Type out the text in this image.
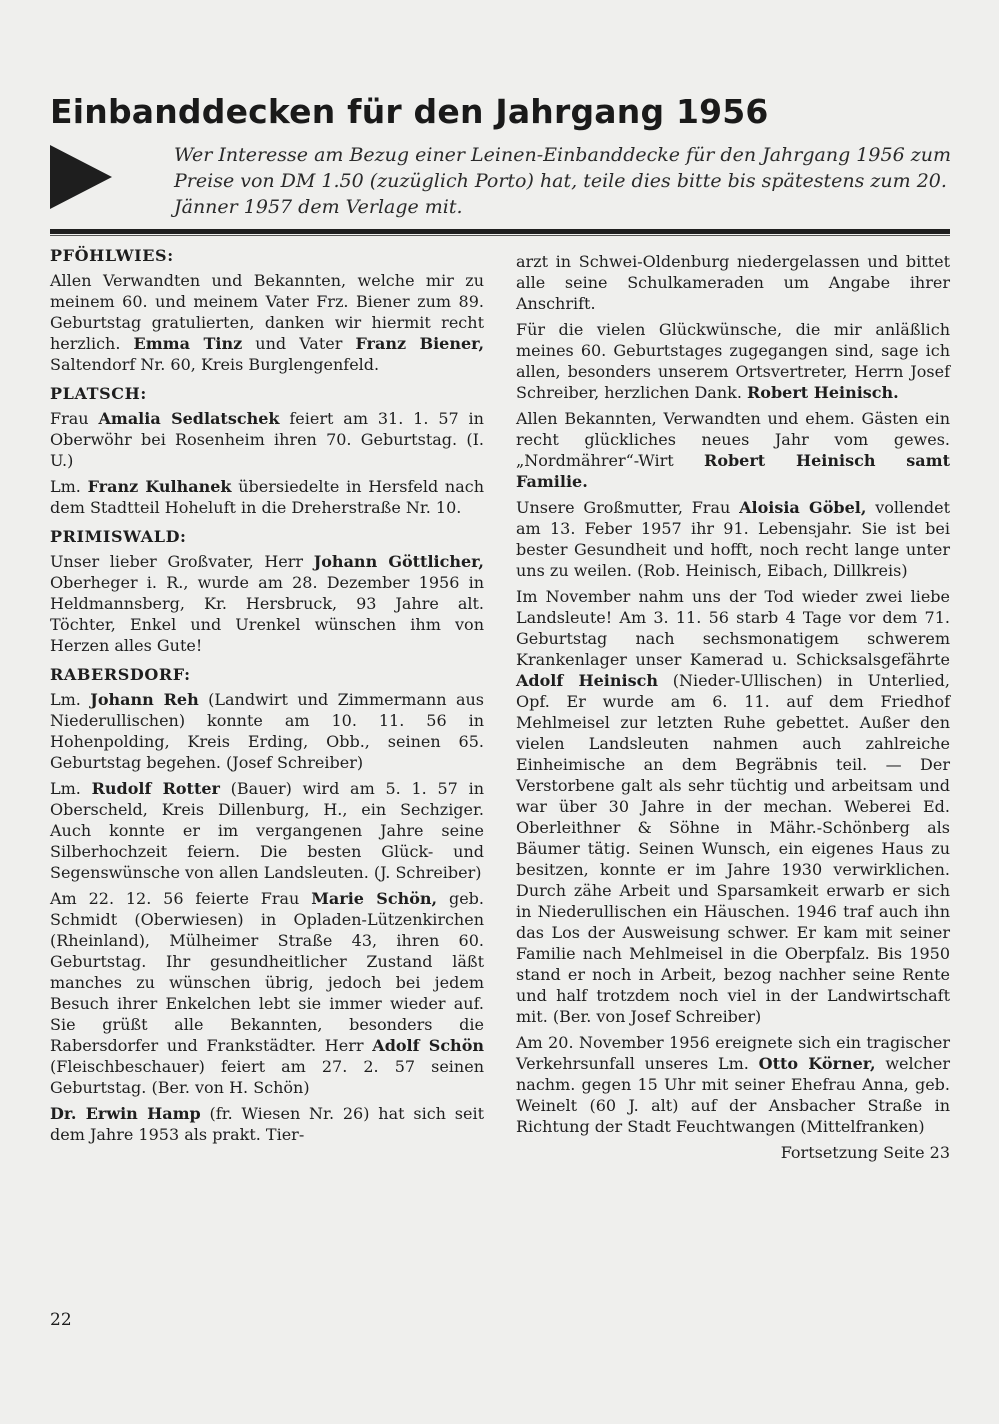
Einbanddecken für den Jahrgang 1956

Wer Interesse am Bezug einer Leinen-Einbanddecke für den Jahrgang 1956 zum Preise von DM 1.50 (zuzüglich Porto) hat, teile dies bitte bis spätestens zum 20. Jänner 1957 dem Verlage mit.

PFÖHLWIES:

Allen Verwandten und Bekannten, welche mir zu meinem 60. und meinem Vater Frz. Biener zum 89. Geburtstag gratulierten, danken wir hiermit recht herzlich. Emma Tinz und Vater Franz Biener, Saltendorf Nr. 60, Kreis Burglengenfeld.

PLATSCH:

Frau Amalia Sedlatschek feiert am 31. 1. 57 in Oberwöhr bei Rosenheim ihren 70. Geburtstag. (I. U.)

Lm. Franz Kulhanek übersiedelte in Hersfeld nach dem Stadtteil Hoheluft in die Dreherstraße Nr. 10.

PRIMISWALD:

Unser lieber Großvater, Herr Johann Göttlicher, Oberheger i. R., wurde am 28. Dezember 1956 in Heldmannsberg, Kr. Hersbruck, 93 Jahre alt. Töchter, Enkel und Urenkel wünschen ihm von Herzen alles Gute!

RABERSDORF:

Lm. Johann Reh (Landwirt und Zimmermann aus Niederullischen) konnte am 10. 11. 56 in Hohenpolding, Kreis Erding, Obb., seinen 65. Geburtstag begehen. (Josef Schreiber)

Lm. Rudolf Rotter (Bauer) wird am 5. 1. 57 in Oberscheld, Kreis Dillenburg, H., ein Sechziger. Auch konnte er im vergangenen Jahre seine Silberhochzeit feiern. Die besten Glück- und Segenswünsche von allen Landsleuten. (J. Schreiber)

Am 22. 12. 56 feierte Frau Marie Schön, geb. Schmidt (Oberwiesen) in Opladen-Lützenkirchen (Rheinland), Mülheimer Straße 43, ihren 60. Geburtstag. Ihr gesundheitlicher Zustand läßt manches zu wünschen übrig, jedoch bei jedem Besuch ihrer Enkelchen lebt sie immer wieder auf. Sie grüßt alle Bekannten, besonders die Rabersdorfer und Frankstädter. Herr Adolf Schön (Fleischbeschauer) feiert am 27. 2. 57 seinen Geburtstag. (Ber. von H. Schön)

Dr. Erwin Hamp (fr. Wiesen Nr. 26) hat sich seit dem Jahre 1953 als prakt. Tier-

arzt in Schwei-Oldenburg niedergelassen und bittet alle seine Schulkameraden um Angabe ihrer Anschrift.

Für die vielen Glückwünsche, die mir anläßlich meines 60. Geburtstages zugegangen sind, sage ich allen, besonders unserem Ortsvertreter, Herrn Josef Schreiber, herzlichen Dank. Robert Heinisch.

Allen Bekannten, Verwandten und ehem. Gästen ein recht glückliches neues Jahr vom gewes. „Nordmährer“-Wirt Robert Heinisch samt Familie.

Unsere Großmutter, Frau Aloisia Göbel, vollendet am 13. Feber 1957 ihr 91. Lebensjahr. Sie ist bei bester Gesundheit und hofft, noch recht lange unter uns zu weilen. (Rob. Heinisch, Eibach, Dillkreis)

Im November nahm uns der Tod wieder zwei liebe Landsleute! Am 3. 11. 56 starb 4 Tage vor dem 71. Geburtstag nach sechsmonatigem schwerem Krankenlager unser Kamerad u. Schicksalsgefährte Adolf Heinisch (Nieder-Ullischen) in Unterlied, Opf. Er wurde am 6. 11. auf dem Friedhof Mehlmeisel zur letzten Ruhe gebettet. Außer den vielen Landsleuten nahmen auch zahlreiche Einheimische an dem Begräbnis teil. — Der Verstorbene galt als sehr tüchtig und arbeitsam und war über 30 Jahre in der mechan. Weberei Ed. Oberleithner & Söhne in Mähr.-Schönberg als Bäumer tätig. Seinen Wunsch, ein eigenes Haus zu besitzen, konnte er im Jahre 1930 verwirklichen. Durch zähe Arbeit und Sparsamkeit erwarb er sich in Niederullischen ein Häuschen. 1946 traf auch ihn das Los der Ausweisung schwer. Er kam mit seiner Familie nach Mehlmeisel in die Oberpfalz. Bis 1950 stand er noch in Arbeit, bezog nachher seine Rente und half trotzdem noch viel in der Landwirtschaft mit. (Ber. von Josef Schreiber)

Am 20. November 1956 ereignete sich ein tragischer Verkehrsunfall unseres Lm. Otto Körner, welcher nachm. gegen 15 Uhr mit seiner Ehefrau Anna, geb. Weinelt (60 J. alt) auf der Ansbacher Straße in Richtung der Stadt Feuchtwangen (Mittelfranken)

Fortsetzung Seite 23

22
